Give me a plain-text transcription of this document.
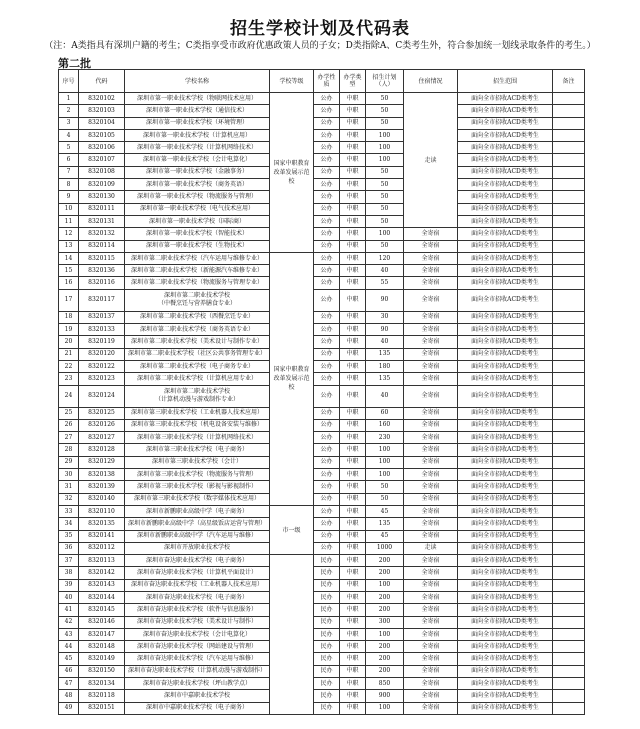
招生学校计划及代码表
（注：A类指具有深圳户籍的考生；C类指享受市政府优惠政策人员的子女；D类指除A、C类考生外，符合参加统一划线录取条件的考生。）
第二批
序号	代码	学校名称	学校等级	办学性质	办学类型	招生计划（人）	住宿情况	招生范围	备注
1	8320102	深圳市第一职业技术学校（物联网技术应用）	国家中职教育改革发展示范校	公办	中职	50	走读	面向全市招收ACD类考生	
2	8320103	深圳市第一职业技术学校（通信技术）		公办	中职	50		面向全市招收ACD类考生	
3	8320104	深圳市第一职业技术学校（环境管理）		公办	中职	50		面向全市招收ACD类考生	
4	8320105	深圳市第一职业技术学校（计算机应用）		公办	中职	100		面向全市招收ACD类考生	
5	8320106	深圳市第一职业技术学校（计算机网络技术）		公办	中职	100		面向全市招收ACD类考生	
6	8320107	深圳市第一职业技术学校（会计电算化）		公办	中职	100		面向全市招收ACD类考生	
7	8320108	深圳市第一职业技术学校（金融事务）		公办	中职	50		面向全市招收ACD类考生	
8	8320109	深圳市第一职业技术学校（商务英语）		公办	中职	50		面向全市招收ACD类考生	
9	8320130	深圳市第一职业技术学校（物流服务与管理）		公办	中职	50		面向全市招收ACD类考生	
10	8320111	深圳市第一职业技术学校（电气技术应用）		公办	中职	50		面向全市招收ACD类考生	
11	8320131	深圳市第一职业技术学校（国际商）		公办	中职	50		面向全市招收ACD类考生	
12	8320132	深圳市第一职业技术学校（智能技术）		公办	中职	100	全寄宿	面向全市招收ACD类考生	
13	8320114	深圳市第一职业技术学校（生物技术）		公办	中职	50	全寄宿	面向全市招收ACD类考生	
14	8320115	深圳市第二职业技术学校（汽车运用与维修专业）	国家中职教育改革发展示范校	公办	中职	120	全寄宿	面向全市招收ACD类考生	
15	8320136	深圳市第二职业技术学校（新能源汽车维修专业）		公办	中职	40	全寄宿	面向全市招收ACD类考生	
16	8320116	深圳市第二职业技术学校（物流服务与管理专业）		公办	中职	55	全寄宿	面向全市招收ACD类考生	
17	8320117	深圳市第二职业技术学校
（中餐烹饪与营养膳食专业）		公办	中职	90	全寄宿	面向全市招收ACD类考生	
18	8320137	深圳市第二职业技术学校（西餐烹饪专业）		公办	中职	30	全寄宿	面向全市招收ACD类考生	
19	8320133	深圳市第二职业技术学校（商务英语专业）		公办	中职	90	全寄宿	面向全市招收ACD类考生	
20	8320119	深圳市第二职业技术学校（美术设计与制作专业）		公办	中职	40	全寄宿	面向全市招收ACD类考生	
21	8320120	深圳市第二职业技术学校（社区公共事务管理专业）		公办	中职	135	全寄宿	面向全市招收ACD类考生	
22	8320122	深圳市第二职业技术学校（电子商务专业）		公办	中职	180	全寄宿	面向全市招收ACD类考生	
23	8320123	深圳市第二职业技术学校（计算机应用专业）		公办	中职	135	全寄宿	面向全市招收ACD类考生	
24	8320124	深圳市第二职业技术学校
（计算机动漫与游戏制作专业）		公办	中职	40	全寄宿	面向全市招收ACD类考生	
25	8320125	深圳市第三职业技术学校（工业机器人技术应用）		公办	中职	60	全寄宿	面向全市招收ACD类考生	
26	8320126	深圳市第三职业技术学校（机电设备安装与维修）		公办	中职	160	全寄宿	面向全市招收ACD类考生	
27	8320127	深圳市第三职业技术学校（计算机网络技术）		公办	中职	230	全寄宿	面向全市招收ACD类考生	
28	8320128	深圳市第三职业技术学校（电子商务）		公办	中职	100	全寄宿	面向全市招收ACD类考生	
29	8320129	深圳市第三职业技术学校（会计）		公办	中职	100	全寄宿	面向全市招收ACD类考生	
30	8320138	深圳市第三职业技术学校（物流服务与管理）		公办	中职	100	全寄宿	面向全市招收ACD类考生	
31	8320139	深圳市第三职业技术学校（影视与影视制作）		公办	中职	50	全寄宿	面向全市招收ACD类考生	
32	8320140	深圳市第三职业技术学校（数字媒体技术应用）		公办	中职	50	全寄宿	面向全市招收ACD类考生	
33	8320110	深圳市新鹏职业高级中学（电子商务）	市一级	公办	中职	45	全寄宿	面向全市招收ACD类考生	
34	8320135	深圳市新鹏职业高级中学（高星级饭店运营与管理）		公办	中职	135	全寄宿	面向全市招收ACD类考生	
35	8320141	深圳市新鹏职业高级中学（汽车运用与维修）		公办	中职	45	全寄宿	面向全市招收ACD类考生	
36	8320112	深圳市开放职业技术学校		公办	中职	1000	走读	面向全市招收ACD类考生	
37	8320113	深圳市奋达职业技术学校（电子商务）		民办	中职	200	全寄宿	面向全市招收ACD类考生	
38	8320142	深圳市奋达职业技术学校（计算机平面设计）		民办	中职	200	全寄宿	面向全市招收ACD类考生	
39	8320143	深圳市奋达职业技术学校（工业机器人技术应用）		民办	中职	100	全寄宿	面向全市招收ACD类考生	
40	8320144	深圳市奋达职业技术学校（电子商务）		民办	中职	200	全寄宿	面向全市招收ACD类考生	
41	8320145	深圳市奋达职业技术学校（软件与信息服务）		民办	中职	200	全寄宿	面向全市招收ACD类考生	
42	8320146	深圳市奋达职业技术学校（美术设计与制作）		民办	中职	300	全寄宿	面向全市招收ACD类考生	
43	8320147	深圳市奋达职业技术学校（会计电算化）		民办	中职	100	全寄宿	面向全市招收ACD类考生	
44	8320148	深圳市奋达职业技术学校（网站建设与管理）		民办	中职	200	全寄宿	面向全市招收ACD类考生	
45	8320149	深圳市奋达职业技术学校（汽车运用与维修）		民办	中职	200	全寄宿	面向全市招收ACD类考生	
46	8320150	深圳市奋达职业技术学校（计算机动漫与游戏制作）		民办	中职	200	全寄宿	面向全市招收ACD类考生	
47	8320134	深圳市奋达职业技术学校（坪山教学点）		民办	中职	850	全寄宿	面向全市招收ACD类考生	
48	8320118	深圳市中嘉职业技术学校		民办	中职	900	全寄宿	面向全市招收ACD类考生	
49	8320151	深圳市中嘉职业技术学校（电子商务）		民办	中职	100	全寄宿	面向全市招收ACD类考生	
